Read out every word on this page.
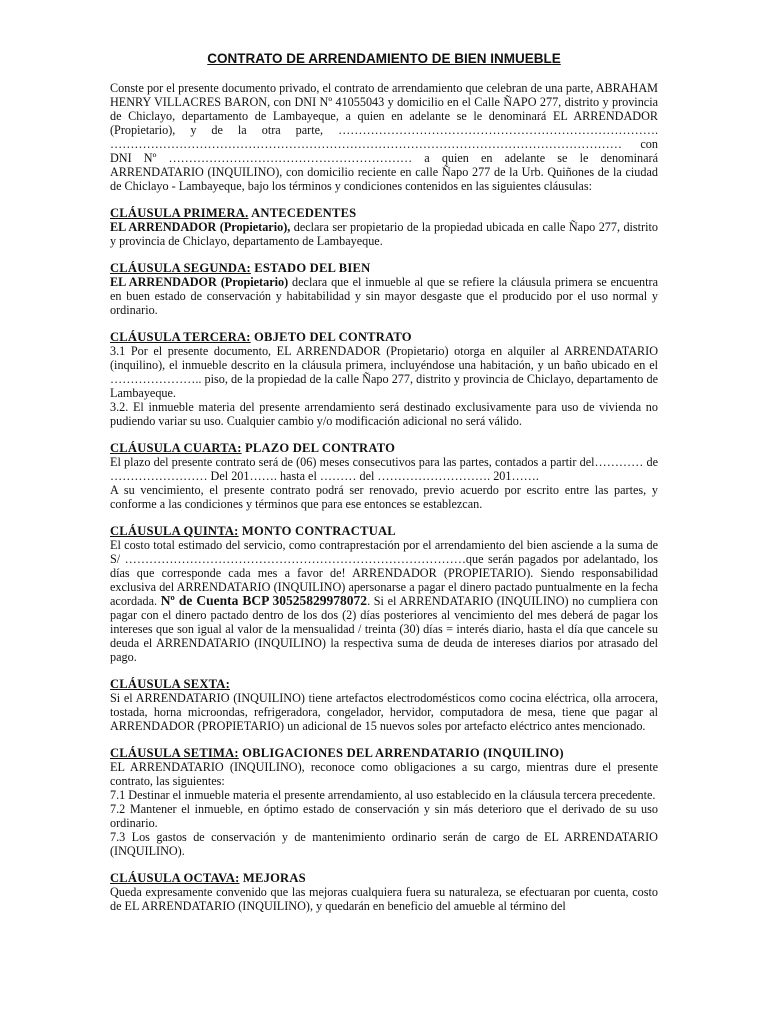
CONTRATO DE ARRENDAMIENTO DE BIEN INMUEBLE

Conste por el presente documento privado, el contrato de arrendamiento que celebran de una parte, ABRAHAM HENRY VILLACRES BARON, con DNI Nº 41055043 y domicilio en el Calle ÑAPO 277, distrito y provincia de Chiclayo, departamento de Lambayeque, a quien en adelante se le denominará EL ARRENDADOR (Propietario), y de la otra parte, ……………………………………………………………………. ……………………………………………………………………………………………………………… con DNI Nº …………………………………………………… a quien en adelante se le denominará ARRENDATARIO (INQUILINO), con domicilio reciente en calle Ñapo 277 de la Urb. Quiñones de la ciudad de Chiclayo - Lambayeque, bajo los términos y condiciones contenidos en las siguientes cláusulas:

CLÁUSULA PRIMERA. ANTECEDENTES

EL ARRENDADOR (Propietario), declara ser propietario de la propiedad ubicada en calle Ñapo 277, distrito y provincia de Chiclayo, departamento de Lambayeque.

CLÁUSULA SEGUNDA: ESTADO DEL BIEN

EL ARRENDADOR (Propietario) declara que el inmueble al que se refiere la cláusula primera se encuentra en buen estado de conservación y habitabilidad y sin mayor desgaste que el producido por el uso normal y ordinario.

CLÁUSULA TERCERA: OBJETO DEL CONTRATO

3.1 Por el presente documento, EL ARRENDADOR (Propietario) otorga en alquiler al ARRENDATARIO (inquilino), el inmueble descrito en la cláusula primera, incluyéndose una habitación, y un baño ubicado en el ………………….. piso, de la propiedad de la calle Ñapo 277, distrito y provincia de Chiclayo, departamento de Lambayeque.

3.2. El inmueble materia del presente arrendamiento será destinado exclusivamente para uso de vivienda no pudiendo variar su uso. Cualquier cambio y/o modificación adicional no será válido.

CLÁUSULA CUARTA: PLAZO DEL CONTRATO

El plazo del presente contrato será de (06) meses consecutivos para las partes, contados a partir del………… de …………………… Del 201……. hasta el ……… del ………………………. 201…….

A su vencimiento, el presente contrato podrá ser renovado, previo acuerdo por escrito entre las partes, y conforme a las condiciones y términos que para ese entonces se establezcan.

CLÁUSULA QUINTA: MONTO CONTRACTUAL

El costo total estimado del servicio, como contraprestación por el arrendamiento del bien asciende a la suma de S/ …………………………………………………………………………que serán pagados por adelantado, los días que corresponde cada mes a favor de! ARRENDADOR (PROPIETARIO). Siendo responsabilidad exclusiva del ARRENDATARIO (INQUILINO) apersonarse a pagar el dinero pactado puntualmente en la fecha acordada. Nº de Cuenta BCP 30525829978072. Si el ARRENDATARIO (INQUILINO) no cumpliera con pagar con el dinero pactado dentro de los dos (2) días posteriores al vencimiento del mes deberá de pagar los intereses que son igual al valor de la mensualidad / treinta (30) días = interés diario, hasta el día que cancele su deuda el ARRENDATARIO (INQUILINO) la respectiva suma de deuda de intereses diarios por atrasado del pago.

CLÁUSULA SEXTA:

Si el ARRENDATARIO (INQUILINO) tiene artefactos electrodomésticos como cocina eléctrica, olla arrocera, tostada, horna microondas, refrigeradora, congelador, hervidor, computadora de mesa, tiene que pagar al ARRENDADOR (PROPIETARIO) un adicional de 15 nuevos soles por artefacto eléctrico antes mencionado.

CLÁUSULA SETIMA: OBLIGACIONES DEL ARRENDATARIO (INQUILINO)

EL ARRENDATARIO (INQUILINO), reconoce como obligaciones a su cargo, mientras dure el presente contrato, las siguientes:

7.1 Destinar el inmueble materia el presente arrendamiento, al uso establecido en la cláusula tercera precedente.

7.2 Mantener el inmueble, en óptimo estado de conservación y sin más deterioro que el derivado de su uso ordinario.

7.3 Los gastos de conservación y de mantenimiento ordinario serán de cargo de EL ARRENDATARIO (INQUILINO).

CLÁUSULA OCTAVA: MEJORAS

Queda expresamente convenido que las mejoras cualquiera fuera su naturaleza, se efectuaran por cuenta, costo de EL ARRENDATARIO (INQUILINO), y quedarán en beneficio del amueble al término del
